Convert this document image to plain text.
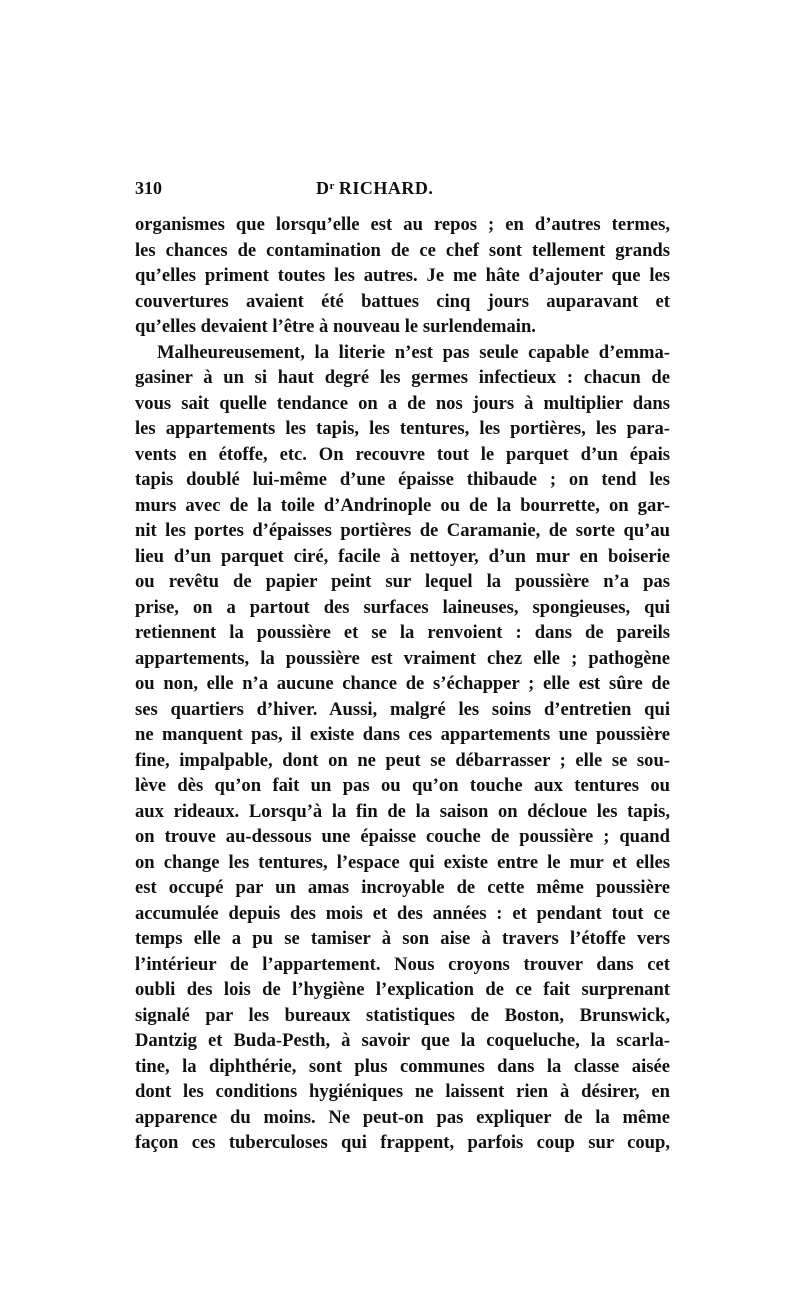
310	$D^r$ RICHARD.
organismes que lorsqu’elle est au repos ; en d’autres termes,
les chances de contamination de ce chef sont tellement grands
qu’elles priment toutes les autres. Je me hâte d’ajouter que les
couvertures avaient été battues cinq jours auparavant et
qu’elles devaient l’être à nouveau le surlendemain.
Malheureusement, la literie n’est pas seule capable d’emma-
gasiner à un si haut degré les germes infectieux : chacun de
vous sait quelle tendance on a de nos jours à multiplier dans
les appartements les tapis, les tentures, les portières, les para-
vents en étoffe, etc. On recouvre tout le parquet d’un épais
tapis doublé lui-même d’une épaisse thibaude ; on tend les
murs avec de la toile d’Andrinople ou de la bourrette, on gar-
nit les portes d’épaisses portières de Caramanie, de sorte qu’au
lieu d’un parquet ciré, facile à nettoyer, d’un mur en boiserie
ou revêtu de papier peint sur lequel la poussière n’a pas
prise, on a partout des surfaces laineuses, spongieuses, qui
retiennent la poussière et se la renvoient : dans de pareils
appartements, la poussière est vraiment chez elle ; pathogène
ou non, elle n’a aucune chance de s’échapper ; elle est sûre de
ses quartiers d’hiver. Aussi, malgré les soins d’entretien qui
ne manquent pas, il existe dans ces appartements une poussière
fine, impalpable, dont on ne peut se débarrasser ; elle se sou-
lève dès qu’on fait un pas ou qu’on touche aux tentures ou
aux rideaux. Lorsqu’à la fin de la saison on décloue les tapis,
on trouve au-dessous une épaisse couche de poussière ; quand
on change les tentures, l’espace qui existe entre le mur et elles
est occupé par un amas incroyable de cette même poussière
accumulée depuis des mois et des années : et pendant tout ce
temps elle a pu se tamiser à son aise à travers l’étoffe vers
l’intérieur de l’appartement. Nous croyons trouver dans cet
oubli des lois de l’hygiène l’explication de ce fait surprenant
signalé par les bureaux statistiques de Boston, Brunswick,
Dantzig et Buda-Pesth, à savoir que la coqueluche, la scarla-
tine, la diphthérie, sont plus communes dans la classe aisée
dont les conditions hygiéniques ne laissent rien à désirer, en
apparence du moins. Ne peut-on pas expliquer de la même
façon ces tuberculoses qui frappent, parfois coup sur coup,
